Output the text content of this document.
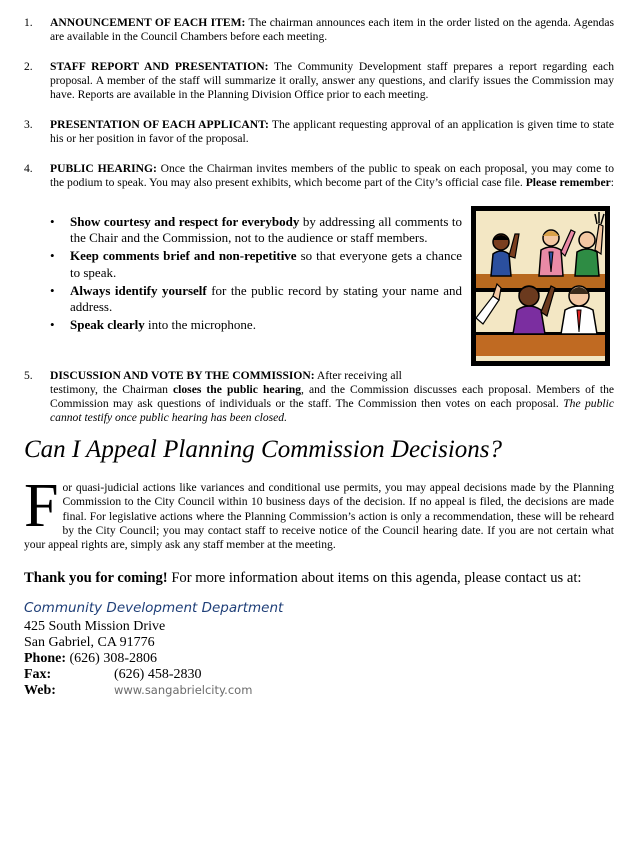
1.	ANNOUNCEMENT OF EACH ITEM: The chairman announces each item in the order listed on the agenda. Agendas are available in the Council Chambers before each meeting.
2.	STAFF REPORT AND PRESENTATION: The Community Development staff prepares a report regarding each proposal. A member of the staff will summarize it orally, answer any questions, and clarify issues the Commission may have. Reports are available in the Planning Division Office prior to each meeting.
3.	PRESENTATION OF EACH APPLICANT: The applicant requesting approval of an application is given time to state his or her position in favor of the proposal.
4.	PUBLIC HEARING: Once the Chairman invites members of the public to speak on each proposal, you may come to the podium to speak. You may also present exhibits, which become part of the City’s official case file. Please remember:
• Show courtesy and respect for everybody by addressing all comments to the Chair and the Commission, not to the audience or staff members.
• Keep comments brief and non-repetitive so that everyone gets a chance to speak.
• Always identify yourself for the public record by stating your name and address.
• Speak clearly into the microphone.
5.	DISCUSSION AND VOTE BY THE COMMISSION: After receiving all
testimony, the Chairman closes the public hearing, and the Commission discusses each proposal. Members of the Commission may ask questions of individuals or the staff. The Commission then votes on each proposal. The public cannot testify once public hearing has been closed.
Can I Appeal Planning Commission Decisions?
For quasi-judicial actions like variances and conditional use permits, you may appeal decisions made by the Planning Commission to the City Council within 10 business days of the decision. If no appeal is filed, the decisions are made final. For legislative actions where the Planning Commission’s action is only a recommendation, these will be reheard by the City Council; you may contact staff to receive notice of the Council hearing date. If you are not certain what your appeal rights are, simply ask any staff member at the meeting.
Thank you for coming! For more information about items on this agenda, please contact us at:
Community Development Department
425 South Mission Drive
San Gabriel, CA 91776
Phone: (626) 308-2806
Fax:	(626) 458-2830
Web:	www.sangabrielcity.com
